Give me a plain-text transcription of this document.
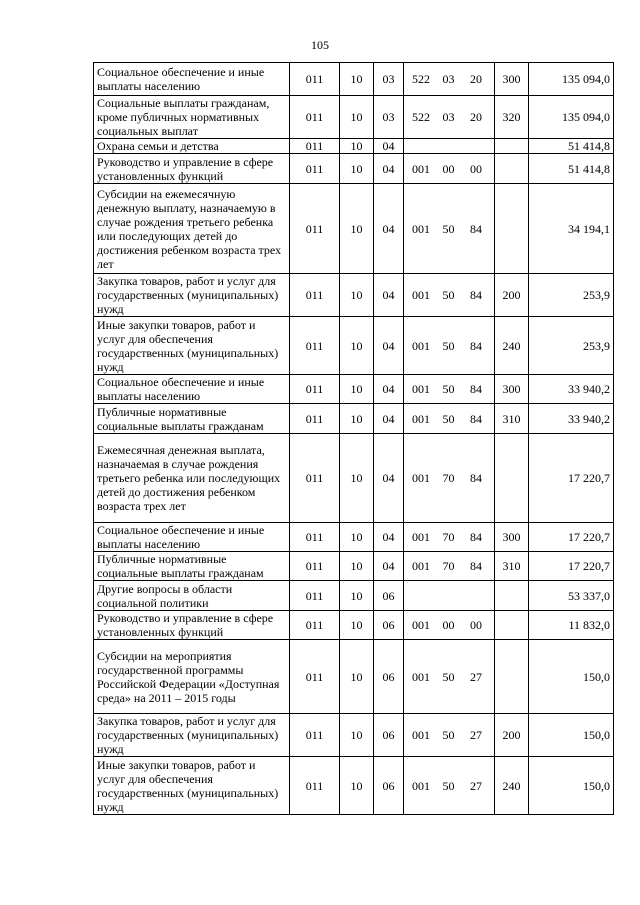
105
Социальное обеспечение и иные выплаты населению	011	10	03	522 03 20	300	135 094,0
Социальные выплаты гражданам, кроме публичных нормативных социальных выплат	011	10	03	522 03 20	320	135 094,0
Охрана семьи и детства	011	10	04			51 414,8
Руководство и управление в сфере установленных функций	011	10	04	001 00 00		51 414,8
Субсидии на ежемесячную денежную выплату, назначаемую в случае рождения третьего ребенка или последующих детей до достижения ребенком возраста трех лет	011	10	04	001 50 84		34 194,1
Закупка товаров, работ и услуг для государственных (муниципальных) нужд	011	10	04	001 50 84	200	253,9
Иные закупки товаров, работ и услуг для обеспечения государственных (муниципальных) нужд	011	10	04	001 50 84	240	253,9
Социальное обеспечение и иные выплаты населению	011	10	04	001 50 84	300	33 940,2
Публичные нормативные социальные выплаты гражданам	011	10	04	001 50 84	310	33 940,2
Ежемесячная денежная выплата, назначаемая в случае рождения третьего ребенка или последующих детей до достижения ребенком возраста трех лет	011	10	04	001 70 84		17 220,7
Социальное обеспечение и иные выплаты населению	011	10	04	001 70 84	300	17 220,7
Публичные нормативные социальные выплаты гражданам	011	10	04	001 70 84	310	17 220,7
Другие вопросы в области социальной политики	011	10	06			53 337,0
Руководство и управление в сфере установленных функций	011	10	06	001 00 00		11 832,0
Субсидии на мероприятия государственной программы Российской Федерации «Доступная среда» на 2011 – 2015 годы	011	10	06	001 50 27		150,0
Закупка товаров, работ и услуг для государственных (муниципальных) нужд	011	10	06	001 50 27	200	150,0
Иные закупки товаров, работ и услуг для обеспечения государственных (муниципальных) нужд	011	10	06	001 50 27	240	150,0
